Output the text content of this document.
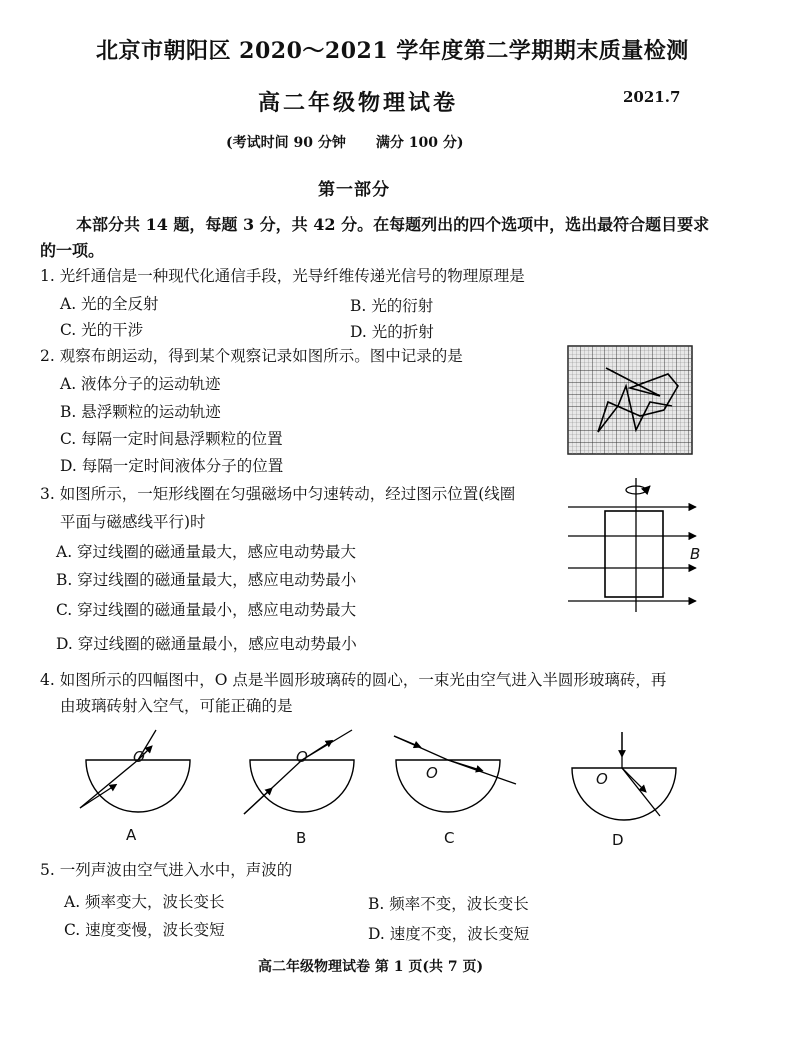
北京市朝阳区 2020～2021 学年度第二学期期末质量检测
高二年级物理试卷	2021.7
(考试时间 90 分钟 满分 100 分)
第一部分
本部分共 14 题，每题 3 分，共 42 分。在每题列出的四个选项中，选出最符合题目要求
的一项。
1. 光纤通信是一种现代化通信手段，光导纤维传递光信号的物理原理是
A. 光的全反射	B. 光的衍射
C. 光的干涉	D. 光的折射
2. 观察布朗运动，得到某个观察记录如图所示。图中记录的是
A. 液体分子的运动轨迹
B. 悬浮颗粒的运动轨迹
C. 每隔一定时间悬浮颗粒的位置
D. 每隔一定时间液体分子的位置
3. 如图所示，一矩形线圈在匀强磁场中匀速转动，经过图示位置(线圈
平面与磁感线平行)时
A. 穿过线圈的磁通量最大，感应电动势最大
B. 穿过线圈的磁通量最大，感应电动势最小
C. 穿过线圈的磁通量最小，感应电动势最大
D. 穿过线圈的磁通量最小，感应电动势最小
B
4. 如图所示的四幅图中，O 点是半圆形玻璃砖的圆心，一束光由空气进入半圆形玻璃砖，再
由玻璃砖射入空气，可能正确的是
O	O
O	O
A	B	C	D
5. 一列声波由空气进入水中，声波的
A. 频率变大，波长变长	B. 频率不变，波长变长
C. 速度变慢，波长变短	D. 速度不变，波长变短
高二年级物理试卷 第 1 页(共 7 页)
